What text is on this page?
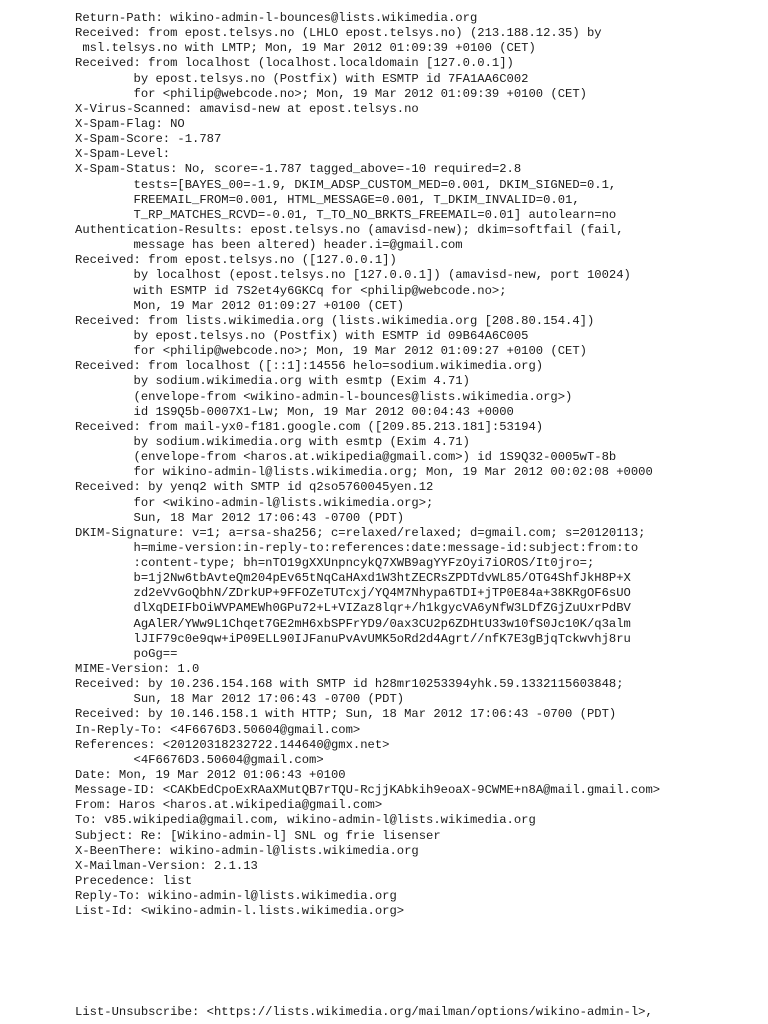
Return-Path: wikino-admin-l-bounces@lists.wikimedia.org
Received: from epost.telsys.no (LHLO epost.telsys.no) (213.188.12.35) by
msl.telsys.no with LMTP; Mon, 19 Mar 2012 01:09:39 +0100 (CET)
Received: from localhost (localhost.localdomain [127.0.0.1])
by epost.telsys.no (Postfix) with ESMTP id 7FA1AA6C002
for <philip@webcode.no>; Mon, 19 Mar 2012 01:09:39 +0100 (CET)
X-Virus-Scanned: amavisd-new at epost.telsys.no
X-Spam-Flag: NO
X-Spam-Score: -1.787
X-Spam-Level:
X-Spam-Status: No, score=-1.787 tagged_above=-10 required=2.8
tests=[BAYES_00=-1.9, DKIM_ADSP_CUSTOM_MED=0.001, DKIM_SIGNED=0.1,
FREEMAIL_FROM=0.001, HTML_MESSAGE=0.001, T_DKIM_INVALID=0.01,
T_RP_MATCHES_RCVD=-0.01, T_TO_NO_BRKTS_FREEMAIL=0.01] autolearn=no
Authentication-Results: epost.telsys.no (amavisd-new); dkim=softfail (fail,
message has been altered) header.i=@gmail.com
Received: from epost.telsys.no ([127.0.0.1])
by localhost (epost.telsys.no [127.0.0.1]) (amavisd-new, port 10024)
with ESMTP id 7S2et4y6GKCq for <philip@webcode.no>;
Mon, 19 Mar 2012 01:09:27 +0100 (CET)
Received: from lists.wikimedia.org (lists.wikimedia.org [208.80.154.4])
by epost.telsys.no (Postfix) with ESMTP id 09B64A6C005
for <philip@webcode.no>; Mon, 19 Mar 2012 01:09:27 +0100 (CET)
Received: from localhost ([::1]:14556 helo=sodium.wikimedia.org)
by sodium.wikimedia.org with esmtp (Exim 4.71)
(envelope-from <wikino-admin-l-bounces@lists.wikimedia.org>)
id 1S9Q5b-0007X1-Lw; Mon, 19 Mar 2012 00:04:43 +0000
Received: from mail-yx0-f181.google.com ([209.85.213.181]:53194)
by sodium.wikimedia.org with esmtp (Exim 4.71)
(envelope-from <haros.at.wikipedia@gmail.com>) id 1S9Q32-0005wT-8b
for wikino-admin-l@lists.wikimedia.org; Mon, 19 Mar 2012 00:02:08 +0000
Received: by yenq2 with SMTP id q2so5760045yen.12
for <wikino-admin-l@lists.wikimedia.org>;
Sun, 18 Mar 2012 17:06:43 -0700 (PDT)
DKIM-Signature: v=1; a=rsa-sha256; c=relaxed/relaxed; d=gmail.com; s=20120113;
h=mime-version:in-reply-to:references:date:message-id:subject:from:to
:content-type; bh=nTO19gXXUnpncykQ7XWB9agYYFzOyi7iOROS/It0jro=;
b=1j2Nw6tbAvteQm204pEv65tNqCaHAxd1W3htZECRsZPDTdvWL85/OTG4ShfJkH8P+X
zd2eVvGoQbhN/ZDrkUP+9FFOZeTUTcxj/YQ4M7Nhypa6TDI+jTP0E84a+38KRgOF6sUO
dlXqDEIFbOiWVPAMEWh0GPu72+L+VIZaz8lqr+/h1kgycVA6yNfW3LDfZGjZuUxrPdBV
AgAlER/YWw9L1Chqet7GE2mH6xbSPFrYD9/0ax3CU2p6ZDHtU33w10fS0Jc10K/q3alm
lJIF79c0e9qw+iP09ELL90IJFanuPvAvUMK5oRd2d4Agrt//nfK7E3gBjqTckwvhj8ru
poGg==
MIME-Version: 1.0
Received: by 10.236.154.168 with SMTP id h28mr10253394yhk.59.1332115603848;
Sun, 18 Mar 2012 17:06:43 -0700 (PDT)
Received: by 10.146.158.1 with HTTP; Sun, 18 Mar 2012 17:06:43 -0700 (PDT)
In-Reply-To: <4F6676D3.50604@gmail.com>
References: <20120318232722.144640@gmx.net>
<4F6676D3.50604@gmail.com>
Date: Mon, 19 Mar 2012 01:06:43 +0100
Message-ID: <CAKbEdCpoExRAaXMutQB7rTQU-RcjjKAbkih9eoaX-9CWME+n8A@mail.gmail.com>
From: Haros <haros.at.wikipedia@gmail.com>
To: v85.wikipedia@gmail.com, wikino-admin-l@lists.wikimedia.org
Subject: Re: [Wikino-admin-l] SNL og frie lisenser
X-BeenThere: wikino-admin-l@lists.wikimedia.org
X-Mailman-Version: 2.1.13
Precedence: list
Reply-To: wikino-admin-l@lists.wikimedia.org
List-Id: <wikino-admin-l.lists.wikimedia.org>
List-Unsubscribe: <https://lists.wikimedia.org/mailman/options/wikino-admin-l>,
